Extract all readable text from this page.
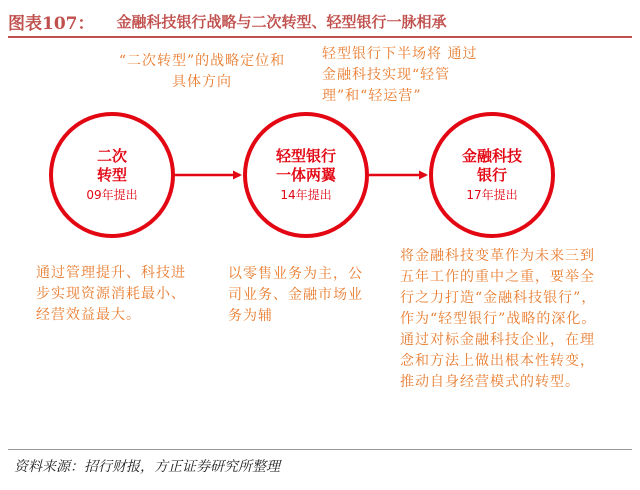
图表107： 金融科技银行战略与二次转型、轻型银行一脉相承
“二次转型”的战略定位和具体方向
轻型银行下半场将 通过金融科技实现“轻管理”和“轻运营”
二次
转型
09年提出
轻型银行
一体两翼
14年提出
金融科技
银行
17年提出
通过管理提升、科技进步实现资源消耗最小、经营效益最大。
以零售业务为主，公司业务、金融市场业务为辅
将金融科技变革作为未来三到五年工作的重中之重，要举全行之力打造“金融科技银行”，作为“轻型银行”战略的深化。通过对标金融科技企业，在理念和方法上做出根本性转变，推动自身经营模式的转型。
资料来源：招行财报，方正证券研究所整理
